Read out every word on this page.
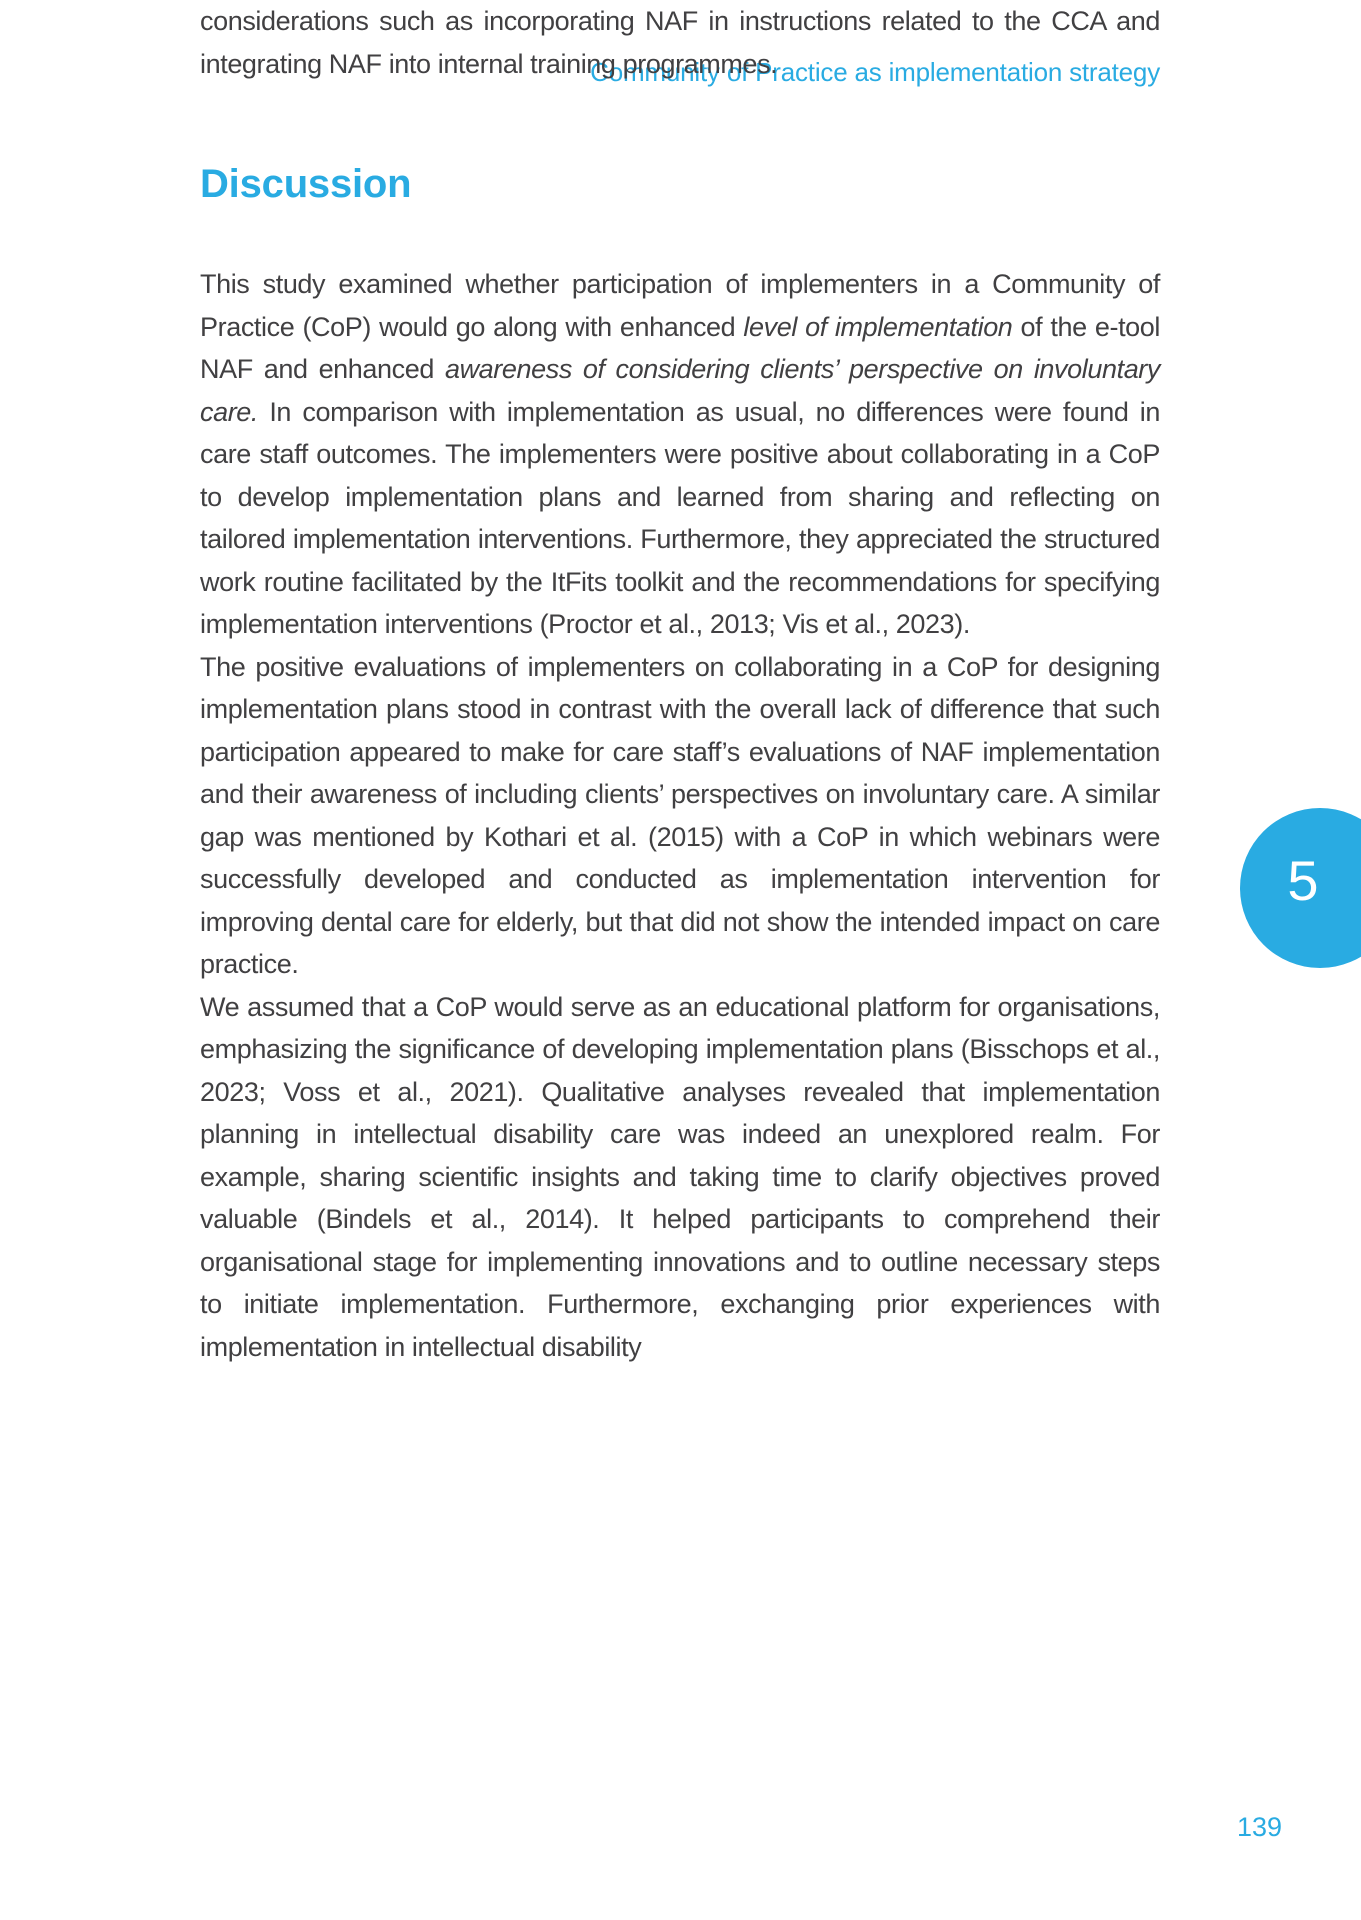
Community of Practice as implementation strategy

considerations such as incorporating NAF in instructions related to the CCA and integrating NAF into internal training programmes.

Discussion

This study examined whether participation of implementers in a Community of Practice (CoP) would go along with enhanced level of implementation of the e-tool NAF and enhanced awareness of considering clients’ perspective on involuntary care. In comparison with implementation as usual, no differences were found in care staff outcomes. The implementers were positive about collaborating in a CoP to develop implementation plans and learned from sharing and reflecting on tailored implementation interventions. Furthermore, they appreciated the structured work routine facilitated by the ItFits toolkit and the recommendations for specifying implementation interventions (Proctor et al., 2013; Vis et al., 2023).

The positive evaluations of implementers on collaborating in a CoP for designing implementation plans stood in contrast with the overall lack of difference that such participation appeared to make for care staff’s evaluations of NAF implementation and their awareness of including clients’ perspectives on involuntary care. A similar gap was mentioned by Kothari et al. (2015) with a CoP in which webinars were successfully developed and conducted as implementation intervention for improving dental care for elderly, but that did not show the intended impact on care practice.

We assumed that a CoP would serve as an educational platform for organisations, emphasizing the significance of developing implementation plans (Bisschops et al., 2023; Voss et al., 2021). Qualitative analyses revealed that implementation planning in intellectual disability care was indeed an unexplored realm. For example, sharing scientific insights and taking time to clarify objectives proved valuable (Bindels et al., 2014). It helped participants to comprehend their organisational stage for implementing innovations and to outline necessary steps to initiate implementation. Furthermore, exchanging prior experiences with implementation in intellectual disability

5
139
